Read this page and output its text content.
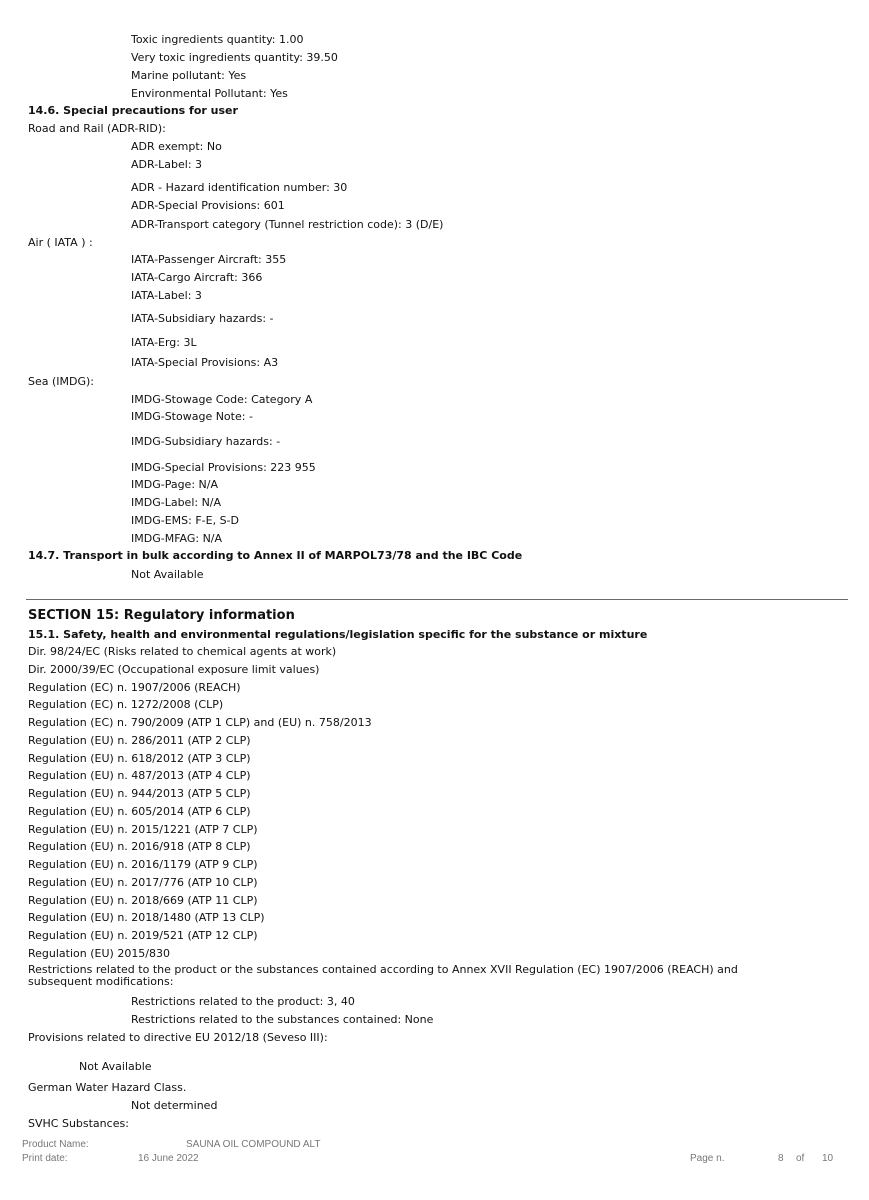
Toxic ingredients quantity: 1.00
Very toxic ingredients quantity: 39.50
Marine pollutant: Yes
Environmental Pollutant: Yes
14.6. Special precautions for user
Road and Rail (ADR-RID):
ADR exempt: No
ADR-Label: 3
ADR - Hazard identification number: 30
ADR-Special Provisions: 601
ADR-Transport category (Tunnel restriction code): 3 (D/E)
Air ( IATA ) :
IATA-Passenger Aircraft: 355
IATA-Cargo Aircraft: 366
IATA-Label: 3
IATA-Subsidiary hazards: -
IATA-Erg: 3L
IATA-Special Provisions: A3
Sea (IMDG):
IMDG-Stowage Code: Category A
IMDG-Stowage Note: -
IMDG-Subsidiary hazards: -
IMDG-Special Provisions: 223 955
IMDG-Page: N/A
IMDG-Label: N/A
IMDG-EMS: F-E, S-D
IMDG-MFAG: N/A
14.7. Transport in bulk according to Annex II of MARPOL73/78 and the IBC Code
Not Available
SECTION 15: Regulatory information
15.1. Safety, health and environmental regulations/legislation specific for the substance or mixture
Dir. 98/24/EC (Risks related to chemical agents at work)
Dir. 2000/39/EC (Occupational exposure limit values)
Regulation (EC) n. 1907/2006 (REACH)
Regulation (EC) n. 1272/2008 (CLP)
Regulation (EC) n. 790/2009 (ATP 1 CLP) and (EU) n. 758/2013
Regulation (EU) n. 286/2011 (ATP 2 CLP)
Regulation (EU) n. 618/2012 (ATP 3 CLP)
Regulation (EU) n. 487/2013 (ATP 4 CLP)
Regulation (EU) n. 944/2013 (ATP 5 CLP)
Regulation (EU) n. 605/2014 (ATP 6 CLP)
Regulation (EU) n. 2015/1221 (ATP 7 CLP)
Regulation (EU) n. 2016/918 (ATP 8 CLP)
Regulation (EU) n. 2016/1179 (ATP 9 CLP)
Regulation (EU) n. 2017/776 (ATP 10 CLP)
Regulation (EU) n. 2018/669 (ATP 11 CLP)
Regulation (EU) n. 2018/1480 (ATP 13 CLP)
Regulation (EU) n. 2019/521 (ATP 12 CLP)
Regulation (EU) 2015/830
Restrictions related to the product or the substances contained according to Annex XVII Regulation (EC) 1907/2006 (REACH) and
subsequent modifications:
Restrictions related to the product: 3, 40
Restrictions related to the substances contained: None
Provisions related to directive EU 2012/18 (Seveso III):
Not Available
German Water Hazard Class.
Not determined
SVHC Substances:
Product Name:	SAUNA OIL COMPOUND ALT
Print date:	16 June 2022	Page n.	8 of 10
